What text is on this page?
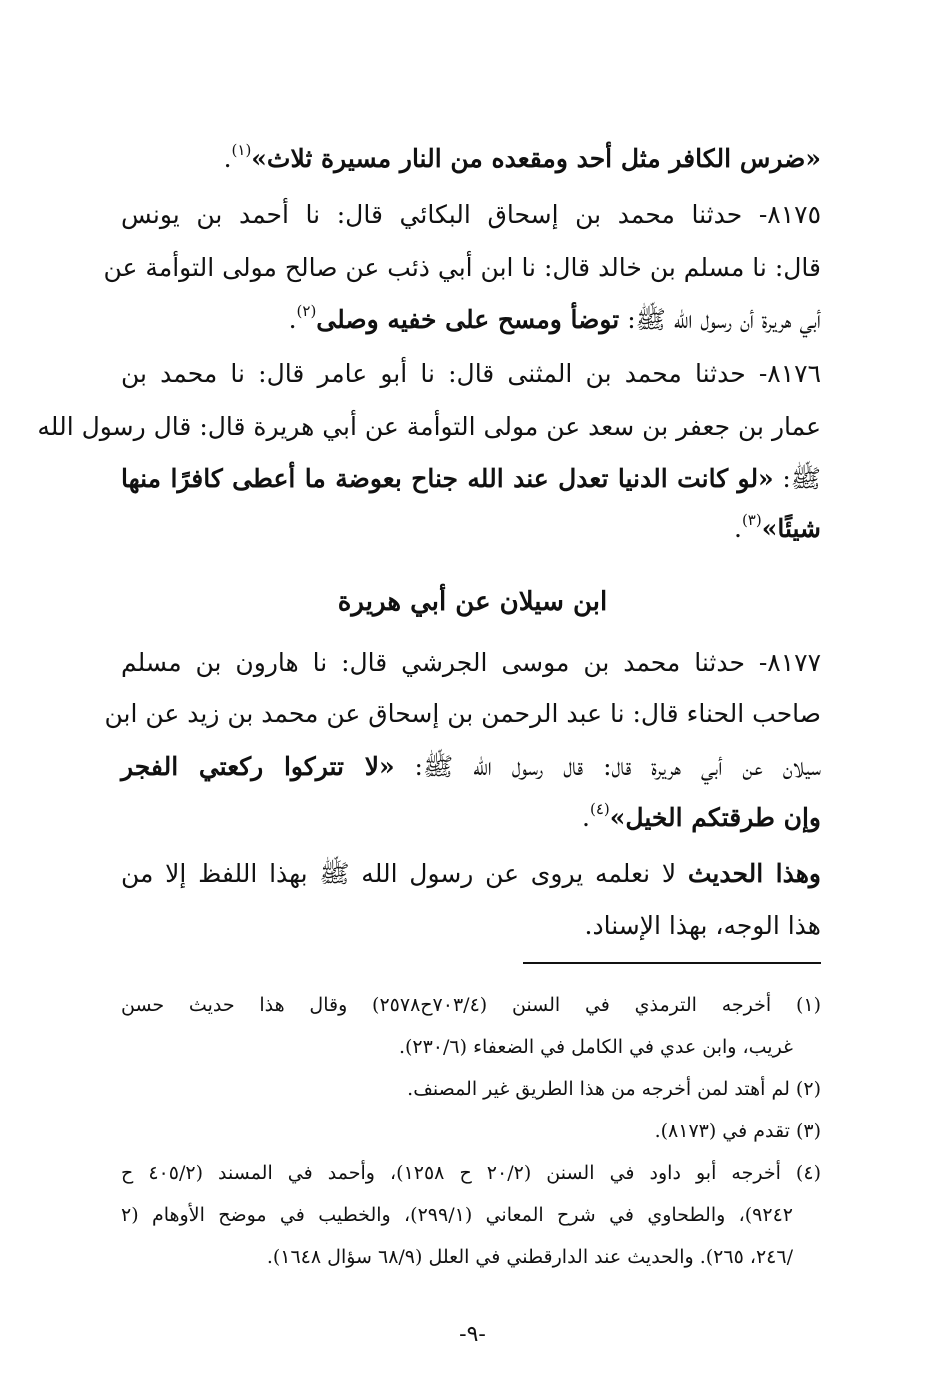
«ضرس الكافر مثل أحد ومقعده من النار مسيرة ثلاث»$^{(١)}$.
٨١٧٥- حدثنا محمد بن إسحاق البكائي قال: نا أحمد بن يونس
قال: نا مسلم بن خالد قال: نا ابن أبي ذئب عن صالح مولى التوأمة عن
أبي هريرة أن رسول الله ﷺ: توضأ ومسح على خفيه وصلى$^{(٢)}$.
٨١٧٦- حدثنا محمد بن المثنى قال: نا أبو عامر قال: نا محمد بن
عمار بن جعفر بن سعد عن مولى التوأمة عن أبي هريرة قال: قال رسول الله
ﷺ: «لو كانت الدنيا تعدل عند الله جناح بعوضة ما أعطى كافرًا منها
شيئًا»$^{(٣)}$.
ابن سيلان عن أبي هريرة
٨١٧٧- حدثنا محمد بن موسى الجرشي قال: نا هارون بن مسلم
صاحب الحناء قال: نا عبد الرحمن بن إسحاق عن محمد بن زيد عن ابن
سيلان عن أبي هريرة قال: قال رسول الله ﷺ: «لا تتركوا ركعتي الفجر
وإن طرقتكم الخيل»$^{(٤)}$.
وهذا الحديث لا نعلمه يروى عن رسول الله ﷺ بهذا اللفظ إلا من
هذا الوجه، بهذا الإسناد.
(١) أخرجه الترمذي في السنن (٧٠٣/٤ح٢٥٧٨) وقال هذا حديث حسن
غريب، وابن عدي في الكامل في الضعفاء (٢٣٠/٦).
(٢) لم أهتد لمن أخرجه من هذا الطريق غير المصنف.
(٣) تقدم في (٨١٧٣).
(٤) أخرجه أبو داود في السنن (٢٠/٢ ح ١٢٥٨)، وأحمد في المسند (٤٠٥/٢ ح
٩٢٤٢)، والطحاوي في شرح المعاني (٢٩٩/١)، والخطيب في موضح الأوهام (٢
/٢٤٦، ٢٦٥). والحديث عند الدارقطني في العلل (٦٨/٩ سؤال ١٦٤٨).
-٩-
